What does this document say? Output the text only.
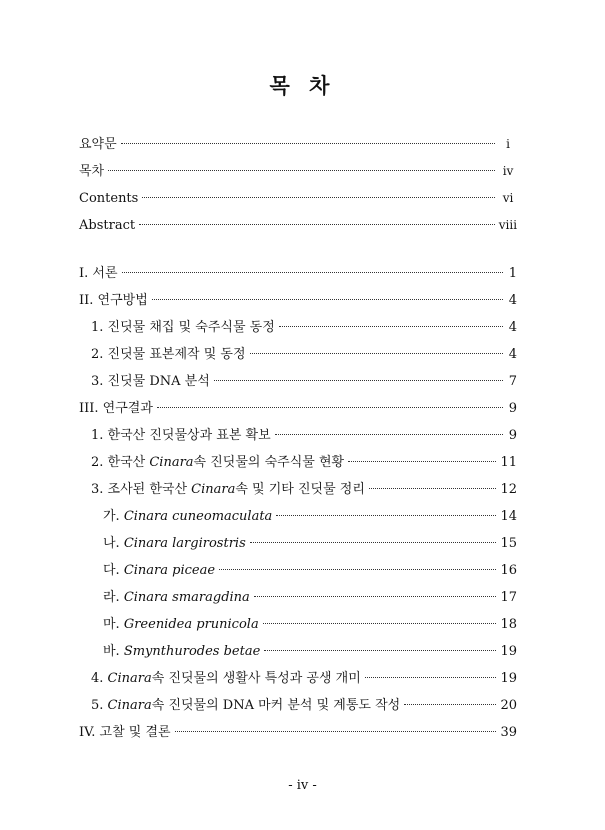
목 차
요약문	i
목차	ⅳ
Contents	ⅵ
Abstract	ⅷ
I. 서론	1
II. 연구방법	4
1. 진딧물 채집 및 숙주식물 동정	4
2. 진딧물 표본제작 및 동정	4
3. 진딧물 DNA 분석	7
III. 연구결과	9
1. 한국산 진딧물상과 표본 확보	9
2. 한국산 Cinara속 진딧물의 숙주식물 현황	11
3. 조사된 한국산 Cinara속 및 기타 진딧물 정리	12
가. Cinara cuneomaculata	14
나. Cinara largirostris	15
다. Cinara piceae	16
라. Cinara smaragdina	17
마. Greenidea prunicola	18
바. Smynthurodes betae	19
4. Cinara속 진딧물의 생활사 특성과 공생 개미	19
5. Cinara속 진딧물의 DNA 마커 분석 및 계통도 작성	20
IV. 고찰 및 결론	39
- ⅳ -
